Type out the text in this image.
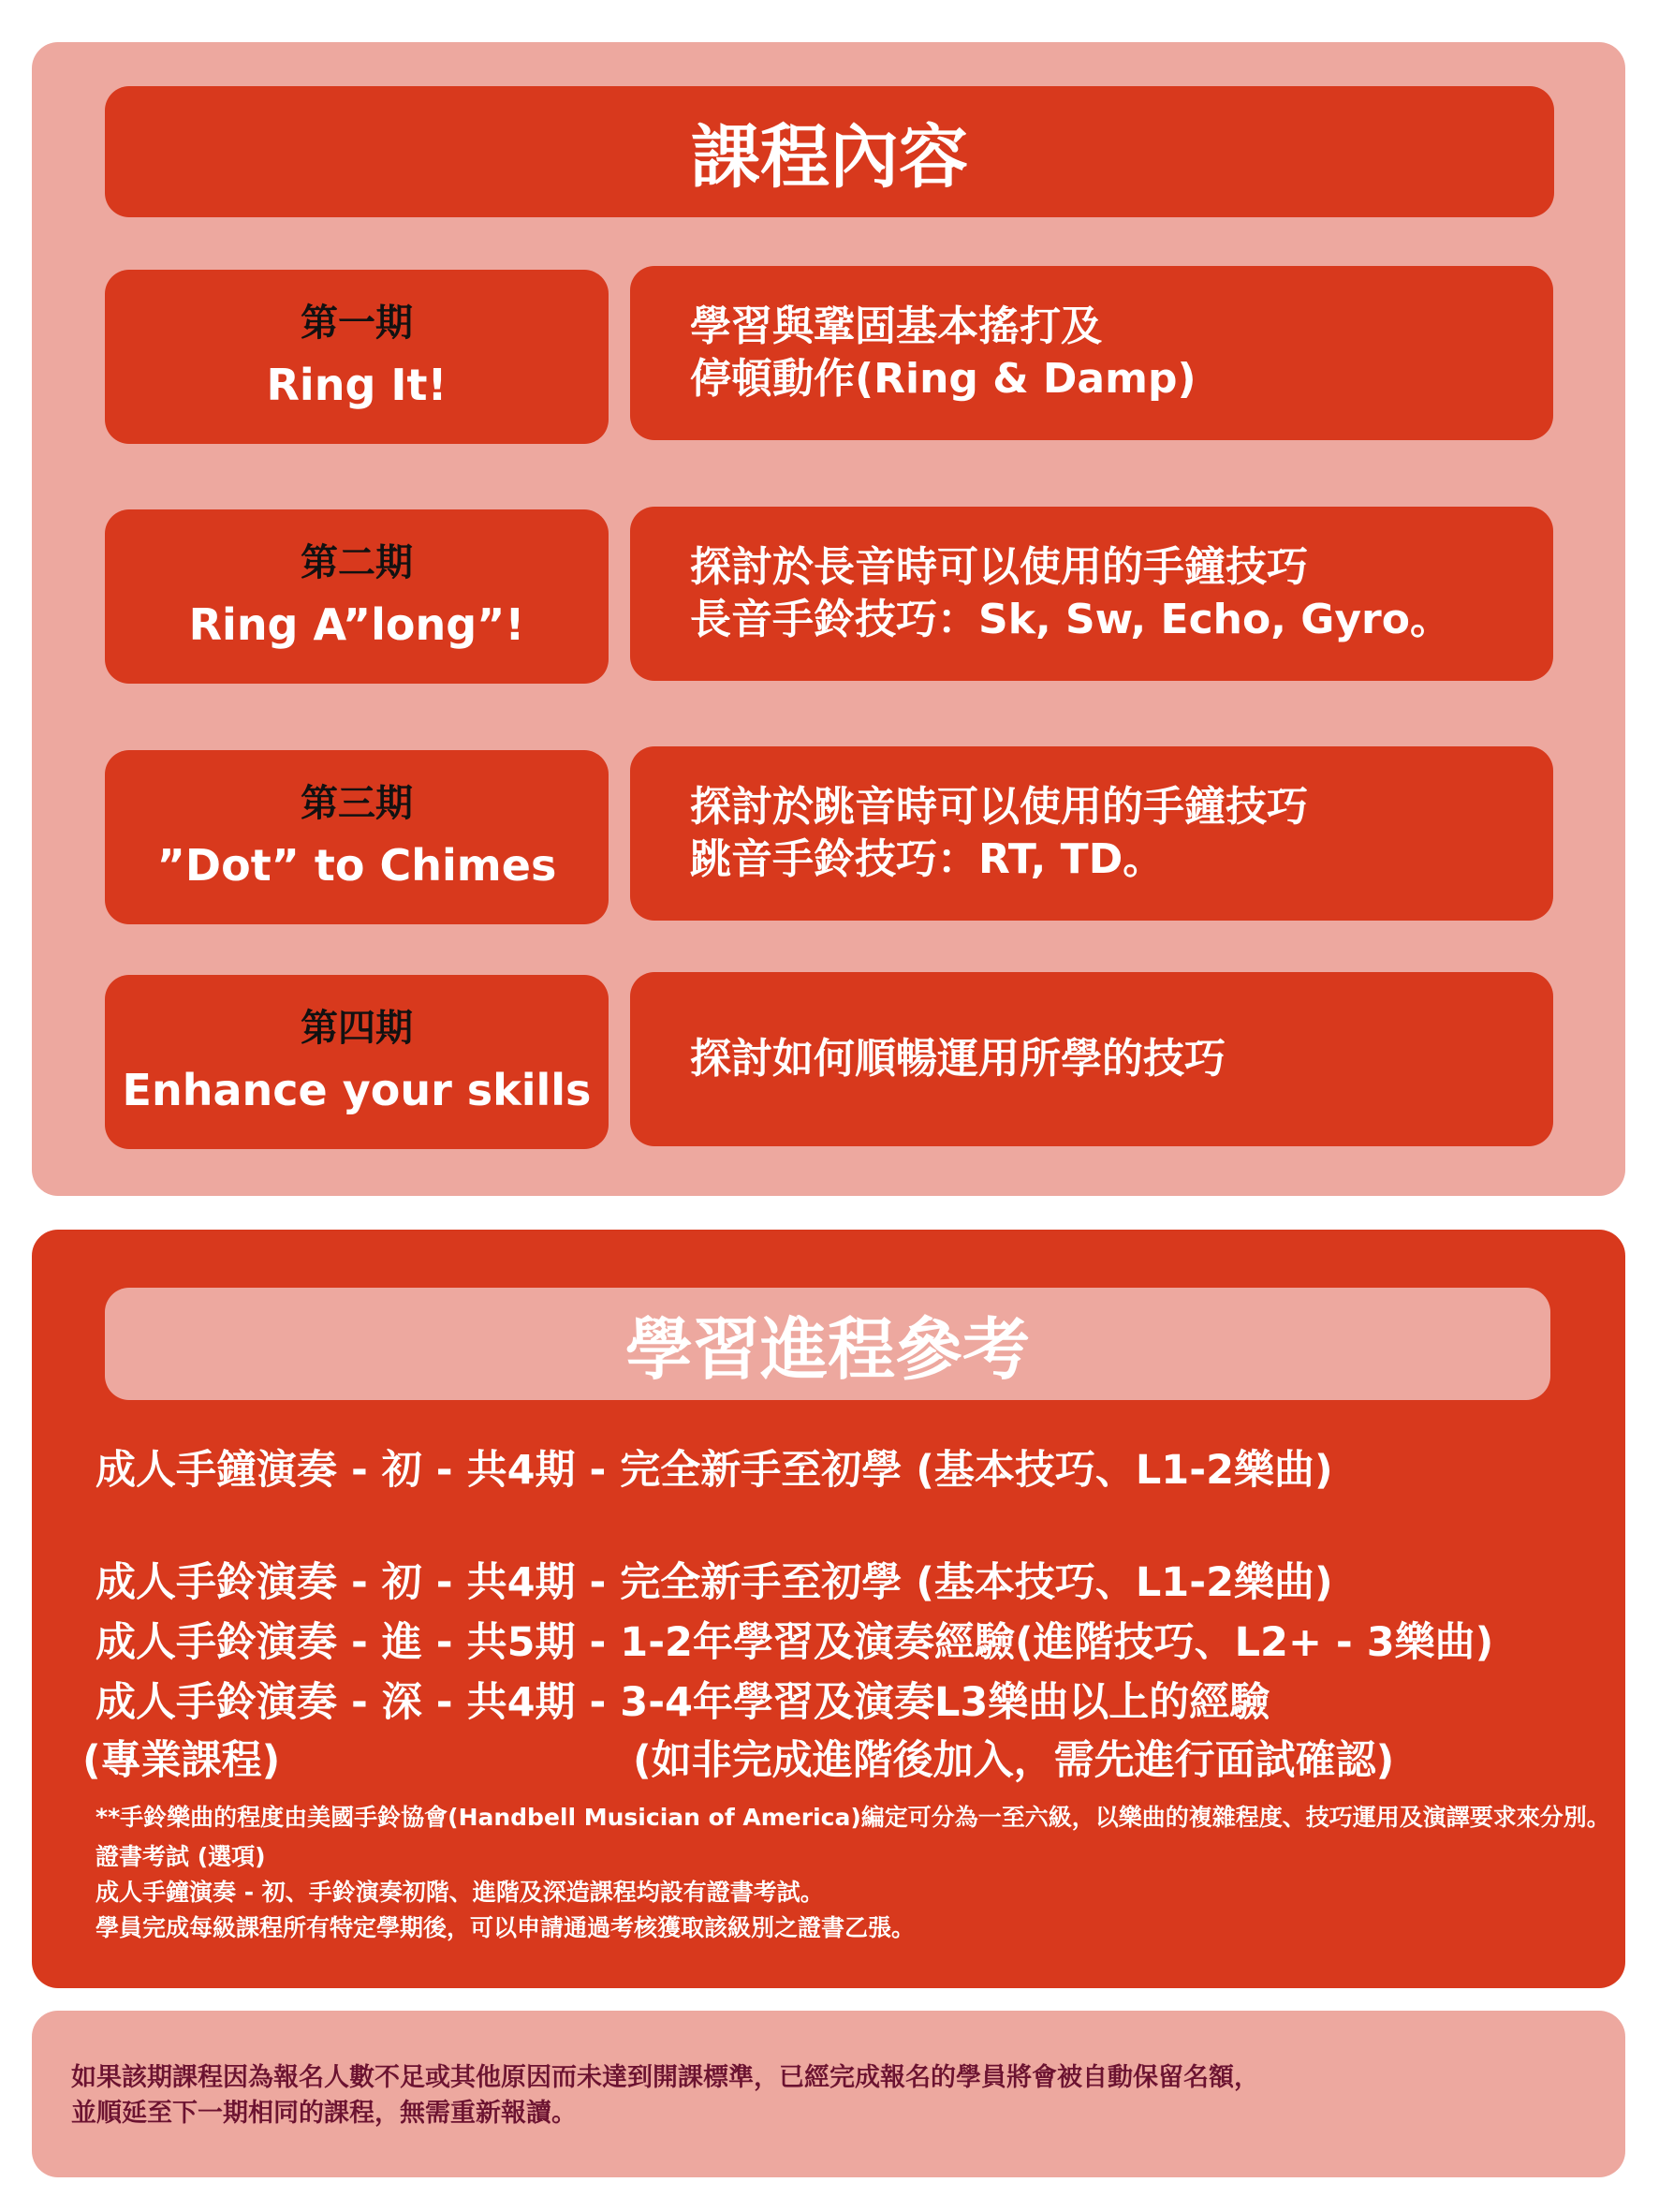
課程內容
第一期
Ring It!
學習與鞏固基本搖打及
停頓動作(Ring & Damp)
第二期
Ring A”long”!
探討於長音時可以使用的手鐘技巧
長音手鈴技巧：Sk, Sw, Echo, Gyro。
第三期
”Dot” to Chimes
探討於跳音時可以使用的手鐘技巧
跳音手鈴技巧：RT, TD。
第四期
Enhance your skills
探討如何順暢運用所學的技巧
學習進程參考
成人手鐘演奏 - 初 - 共4期 - 完全新手至初學 (基本技巧、L1-2樂曲)
成人手鈴演奏 - 初 - 共4期 - 完全新手至初學 (基本技巧、L1-2樂曲)
成人手鈴演奏 - 進 - 共5期 - 1-2年學習及演奏經驗(進階技巧、L2+ - 3樂曲)
成人手鈴演奏 - 深 - 共4期 - 3-4年學習及演奏L3樂曲以上的經驗
(專業課程)	(如非完成進階後加入，需先進行面試確認)
**手鈴樂曲的程度由美國手鈴協會(Handbell Musician of America)編定可分為一至六級，以樂曲的複雜程度、技巧運用及演譯要求來分別。
證書考試 (選項)
成人手鐘演奏 - 初、手鈴演奏初階、進階及深造課程均設有證書考試。
學員完成每級課程所有特定學期後，可以申請通過考核獲取該級別之證書乙張。
如果該期課程因為報名人數不足或其他原因而未達到開課標準，已經完成報名的學員將會被自動保留名額，
並順延至下一期相同的課程，無需重新報讀。
